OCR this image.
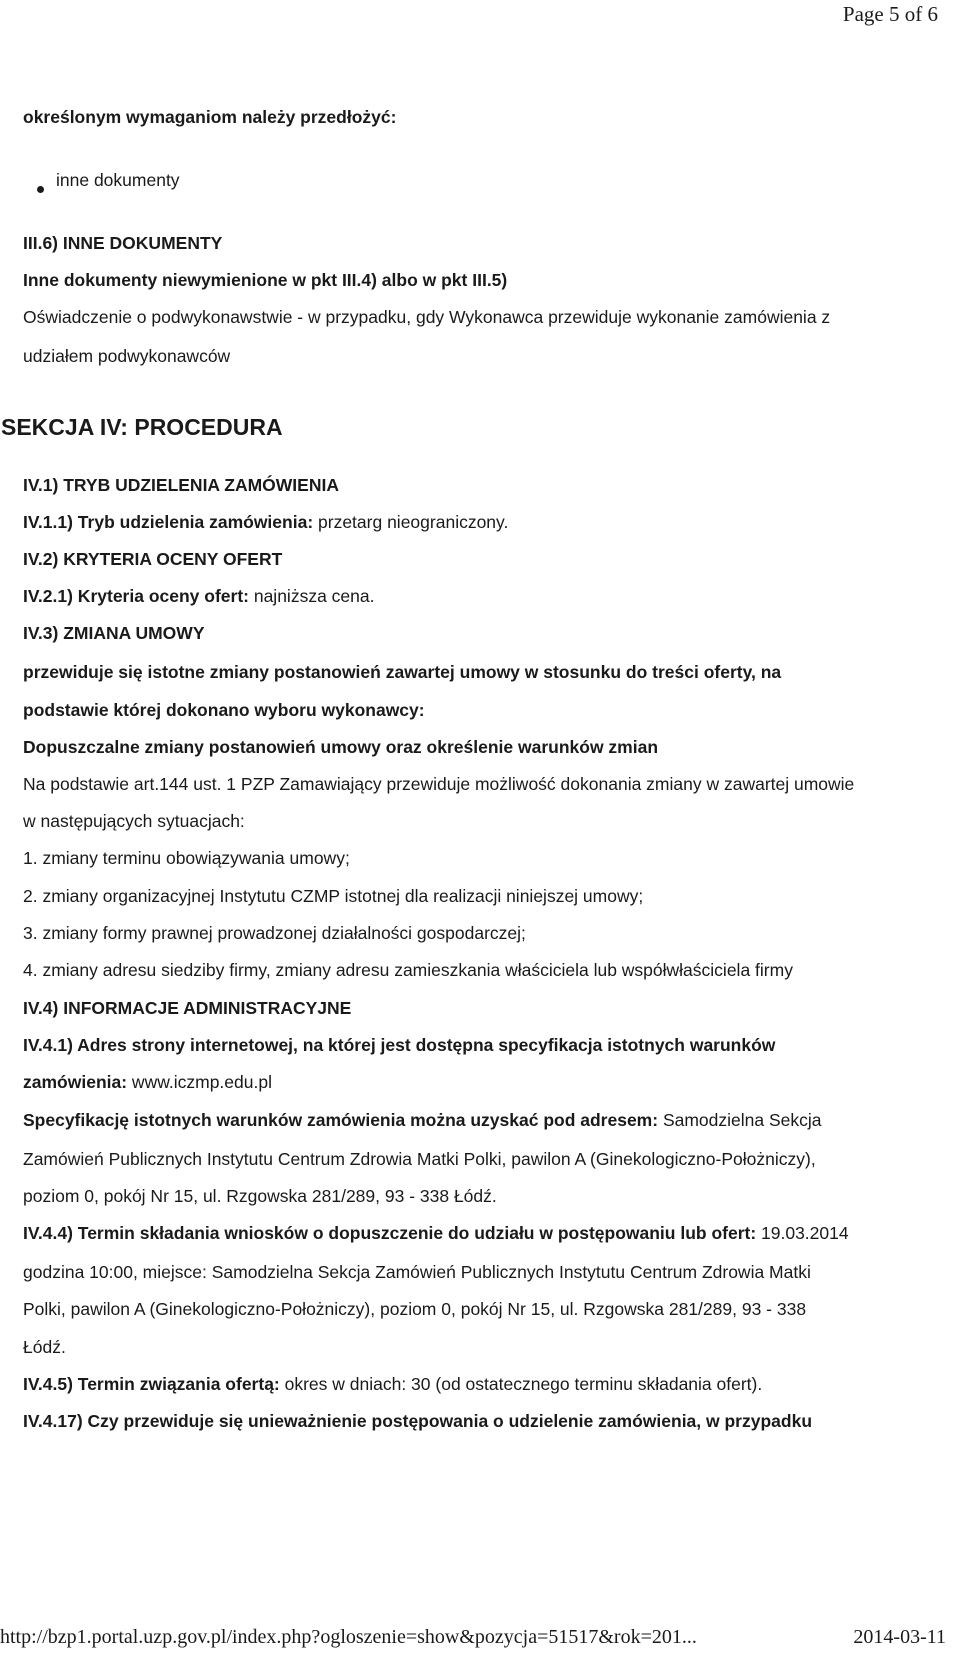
Page 5 of 6
określonym wymaganiom należy przedłożyć:
inne dokumenty
III.6) INNE DOKUMENTY
Inne dokumenty niewymienione w pkt III.4) albo w pkt III.5)
Oświadczenie o podwykonawstwie - w przypadku, gdy Wykonawca przewiduje wykonanie zamówienia z
udziałem podwykonawców
SEKCJA IV: PROCEDURA
IV.1) TRYB UDZIELENIA ZAMÓWIENIA
IV.1.1) Tryb udzielenia zamówienia: przetarg nieograniczony.
IV.2) KRYTERIA OCENY OFERT
IV.2.1) Kryteria oceny ofert: najniższa cena.
IV.3) ZMIANA UMOWY
przewiduje się istotne zmiany postanowień zawartej umowy w stosunku do treści oferty, na
podstawie której dokonano wyboru wykonawcy:
Dopuszczalne zmiany postanowień umowy oraz określenie warunków zmian
Na podstawie art.144 ust. 1 PZP Zamawiający przewiduje możliwość dokonania zmiany w zawartej umowie
w następujących sytuacjach:
1. zmiany terminu obowiązywania umowy;
2. zmiany organizacyjnej Instytutu CZMP istotnej dla realizacji niniejszej umowy;
3. zmiany formy prawnej prowadzonej działalności gospodarczej;
4. zmiany adresu siedziby firmy, zmiany adresu zamieszkania właściciela lub współwłaściciela firmy
IV.4) INFORMACJE ADMINISTRACYJNE
IV.4.1) Adres strony internetowej, na której jest dostępna specyfikacja istotnych warunków
zamówienia: www.iczmp.edu.pl
Specyfikację istotnych warunków zamówienia można uzyskać pod adresem: Samodzielna Sekcja
Zamówień Publicznych Instytutu Centrum Zdrowia Matki Polki, pawilon A (Ginekologiczno-Położniczy),
poziom 0, pokój Nr 15, ul. Rzgowska 281/289, 93 - 338 Łódź.
IV.4.4) Termin składania wniosków o dopuszczenie do udziału w postępowaniu lub ofert: 19.03.2014
godzina 10:00, miejsce: Samodzielna Sekcja Zamówień Publicznych Instytutu Centrum Zdrowia Matki
Polki, pawilon A (Ginekologiczno-Położniczy), poziom 0, pokój Nr 15, ul. Rzgowska 281/289, 93 - 338
Łódź.
IV.4.5) Termin związania ofertą: okres w dniach: 30 (od ostatecznego terminu składania ofert).
IV.4.17) Czy przewiduje się unieważnienie postępowania o udzielenie zamówienia, w przypadku
http://bzp1.portal.uzp.gov.pl/index.php?ogloszenie=show&pozycja=51517&rok=201...	2014-03-11
